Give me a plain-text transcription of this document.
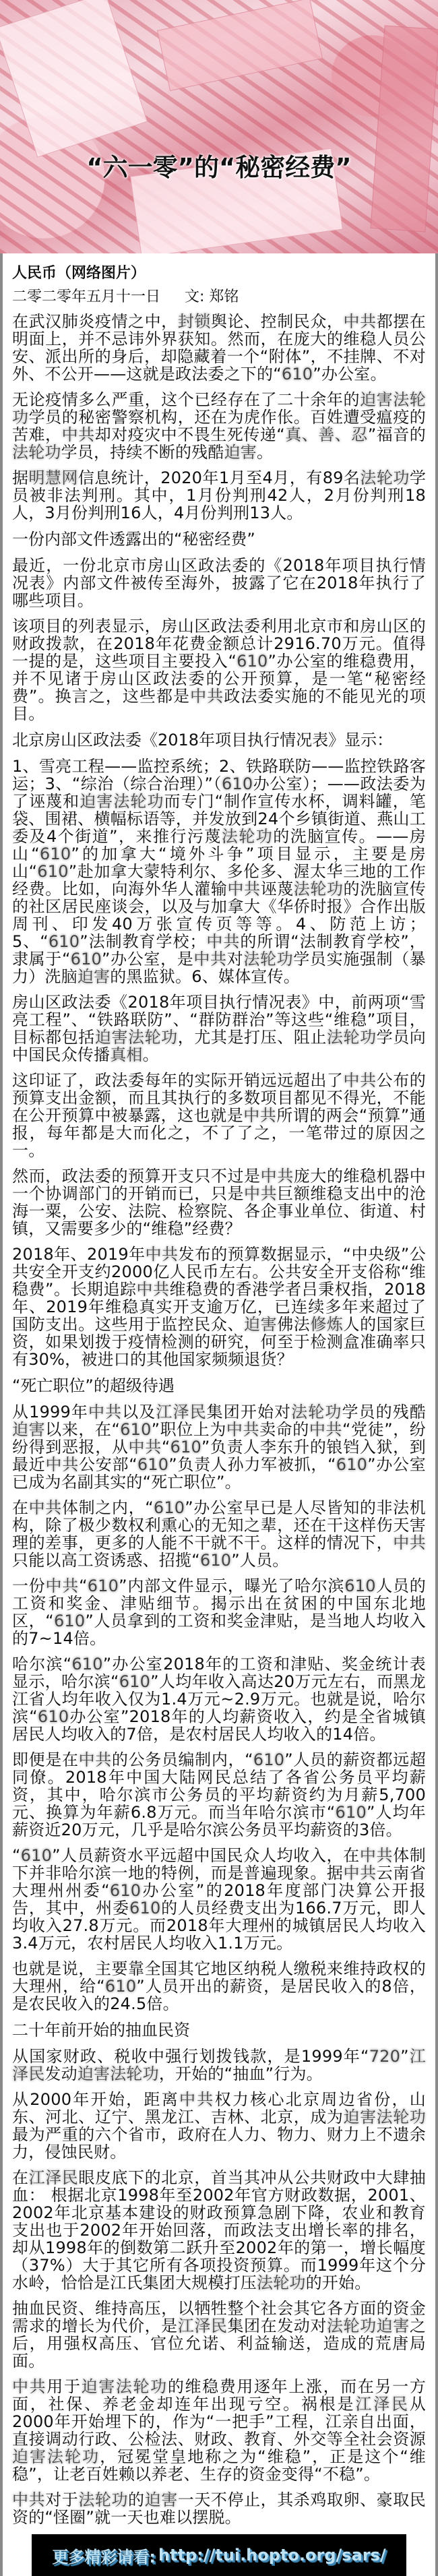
“六一零”的“秘密经费”
人民币（网络图片）
二零二零年五月十一日 文: 郑铭

在武汉肺炎疫情之中，封锁舆论、控制民众，中共都摆在明面上，并不忌讳外界获知。然而，在庞大的维稳人员公安、派出所的身后，却隐藏着一个“附体”，不挂牌、不对外、不公开——这就是政法委之下的“610”办公室。

无论疫情多么严重，这个已经存在了二十余年的迫害法轮功学员的秘密警察机构，还在为虎作伥。百姓遭受瘟疫的苦难，中共却对疫灾中不畏生死传递“真、善、忍”福音的法轮功学员，持续不断的残酷迫害。

据明慧网信息统计，2020年1月至4月，有89名法轮功学员被非法判刑。其中，1月份判刑42人，2月份判刑18人，3月份判刑16人，4月份判刑13人。

一份内部文件透露出的“秘密经费”

最近，一份北京市房山区政法委的《2018年项目执行情况表》内部文件被传至海外，披露了它在2018年执行了哪些项目。

该项目的列表显示，房山区政法委利用北京市和房山区的财政拨款，在2018年花费金额总计2916.70万元。值得一提的是，这些项目主要投入“610”办公室的维稳费用，并不见诸于房山区政法委的公开预算，是一笔“秘密经费”。换言之，这些都是中共政法委实施的不能见光的项目。

北京房山区政法委《2018年项目执行情况表》显示：

1、雪亮工程——监控系统；2、铁路联防——监控铁路客运；3、“综治（综合治理）”（610办公室）；——政法委为了诬蔑和迫害法轮功而专门“制作宣传水杯，调料罐，笔袋、围裙、横幅标语等，并发放到24个乡镇街道、燕山工委及4个街道”，来推行污蔑法轮功的洗脑宣传。——房山“610”的加拿大“境外斗争”项目显示，主要是房山“610”赴加拿大蒙特利尔、多伦多、渥太华三地的工作经费。比如，向海外华人灌输中共诬蔑法轮功的洗脑宣传的社区居民座谈会，以及与加拿大《华侨时报》合作出版周刊、印发40万张宣传页等等。4、防范上访；5、“610”法制教育学校；中共的所谓“法制教育学校”，隶属于“610”办公室，是中共对法轮功学员实施强制（暴力）洗脑迫害的黑监狱。6、媒体宣传。

房山区政法委《2018年项目执行情况表》中，前两项“雪亮工程”、“铁路联防”、“群防群治”等这些“维稳”项目，目标都包括迫害法轮功，尤其是打压、阻止法轮功学员向中国民众传播真相。

这印证了，政法委每年的实际开销远远超出了中共公布的预算支出金额，而且其执行的多数项目都见不得光，不能在公开预算中被暴露，这也就是中共所谓的两会“预算”通报，每年都是大而化之，不了了之，一笔带过的原因之一。

然而，政法委的预算开支只不过是中共庞大的维稳机器中一个协调部门的开销而已，只是中共巨额维稳支出中的沧海一粟，公安、法院、检察院、各企事业单位、街道、村镇，又需要多少的“维稳”经费？

2018年、2019年中共发布的预算数据显示，“中央级”公共安全开支约2000亿人民币左右。公共安全开支俗称“维稳费”。长期追踪中共维稳费的香港学者吕秉权指，2018年、2019年维稳真实开支逾万亿，已连续多年来超过了国防支出。这些用于监控民众、迫害佛法修炼人的国家巨资，如果划拨于疫情检测的研究，何至于检测盒准确率只有30%，被进口的其他国家频频退货？

“死亡职位”的超级待遇

从1999年中共以及江泽民集团开始对法轮功学员的残酷迫害以来，在“610”职位上为中共卖命的中共“党徒”，纷纷得到恶报，从中共“610”负责人李东升的锒铛入狱，到最近中共公安部“610”负责人孙力军被抓，“610”办公室已成为名副其实的“死亡职位”。

在中共体制之内，“610”办公室早已是人尽皆知的非法机构，除了极少数权利熏心的无知之辈，还在干这样伤天害理的差事，更多的人能不干就不干。这样的情况下，中共只能以高工资诱惑、招揽“610”人员。

一份中共“610”内部文件显示，曝光了哈尔滨610人员的工资和奖金、津贴细节。揭示出在贫困的中国东北地区，“610”人员拿到的工资和奖金津贴，是当地人均收入的7~14倍。

哈尔滨“610”办公室2018年的工资和津贴、奖金统计表显示，哈尔滨“610”人均年收入高达20万元左右，而黑龙江省人均年收入仅为1.4万元~2.9万元。也就是说，哈尔滨“610办公室”2018年的人均薪资收入，约是全省城镇居民人均收入的7倍，是农村居民人均收入的14倍。

即便是在中共的公务员编制内，“610”人员的薪资都远超同僚。2018年中国大陆网民总结了各省公务员平均薪资，其中，哈尔滨市公务员的平均薪资约为月薪5,700元、换算为年薪6.8万元。而当年哈尔滨市“610”人均年薪资近20万元，几乎是哈尔滨公务员平均薪资的3倍。

“610”人员薪资水平远超中国民众人均收入，在中共体制下并非哈尔滨一地的特例，而是普遍现象。据中共云南省大理州州委“610办公室”的2018年度部门决算公开报告，其中，州委610的人员经费支出为166.7万元，即人均收入27.8万元。而2018年大理州的城镇居民人均收入3.4万元，农村居民人均收入1.1万元。

也就是说，主要靠全国其它地区纳税人缴税来维持政权的大理州，给“610”人员开出的薪资，是居民收入的8倍，是农民收入的24.5倍。

二十年前开始的抽血民资

从国家财政、税收中强行划拨钱款，是1999年“720”江泽民发动迫害法轮功，开始的“抽血”行为。

从2000年开始，距离中共权力核心北京周边省份，山东、河北、辽宁、黑龙江、吉林、北京，成为迫害法轮功最为严重的六个省市，政府在人力、物力、财力上不遗余力，侵蚀民财。

在江泽民眼皮底下的北京，首当其冲从公共财政中大肆抽血： 根据北京1998年至2002年官方财政数据，2001、2002年北京基本建设的财政预算急剧下降，农业和教育支出也于2002年开始回落，而政法支出增长率的排名，却从1998年的倒数第二跃升至2002年的第一，增长幅度（37%）大于其它所有各项投资预算。而1999年这个分水岭，恰恰是江氏集团大规模打压法轮功的开始。

抽血民资、维持高压，以牺牲整个社会其它各方面的资金需求的增长为代价，是江泽民集团在发动对法轮功迫害之后，用强权高压、官位允诺、利益输送，造成的荒唐局面。

中共用于迫害法轮功的维稳费用逐年上涨，而在另一方面，社保、养老金却连年出现亏空。祸根是江泽民从2000年开始埋下的，作为“一把手”工程，江亲自出面，直接调动行政、公检法、财政、教育、外交等全社会资源迫害法轮功，冠冕堂皇地称之为“维稳”，正是这个“维稳”，让老百姓赖以养老、生存的资金变得“不稳”。

中共对于法轮功的迫害一天不停止，其杀鸡取卵、豪取民资的“怪圈”就一天也难以摆脱。

更多精彩请看: http://tui.hopto.org/sars/
